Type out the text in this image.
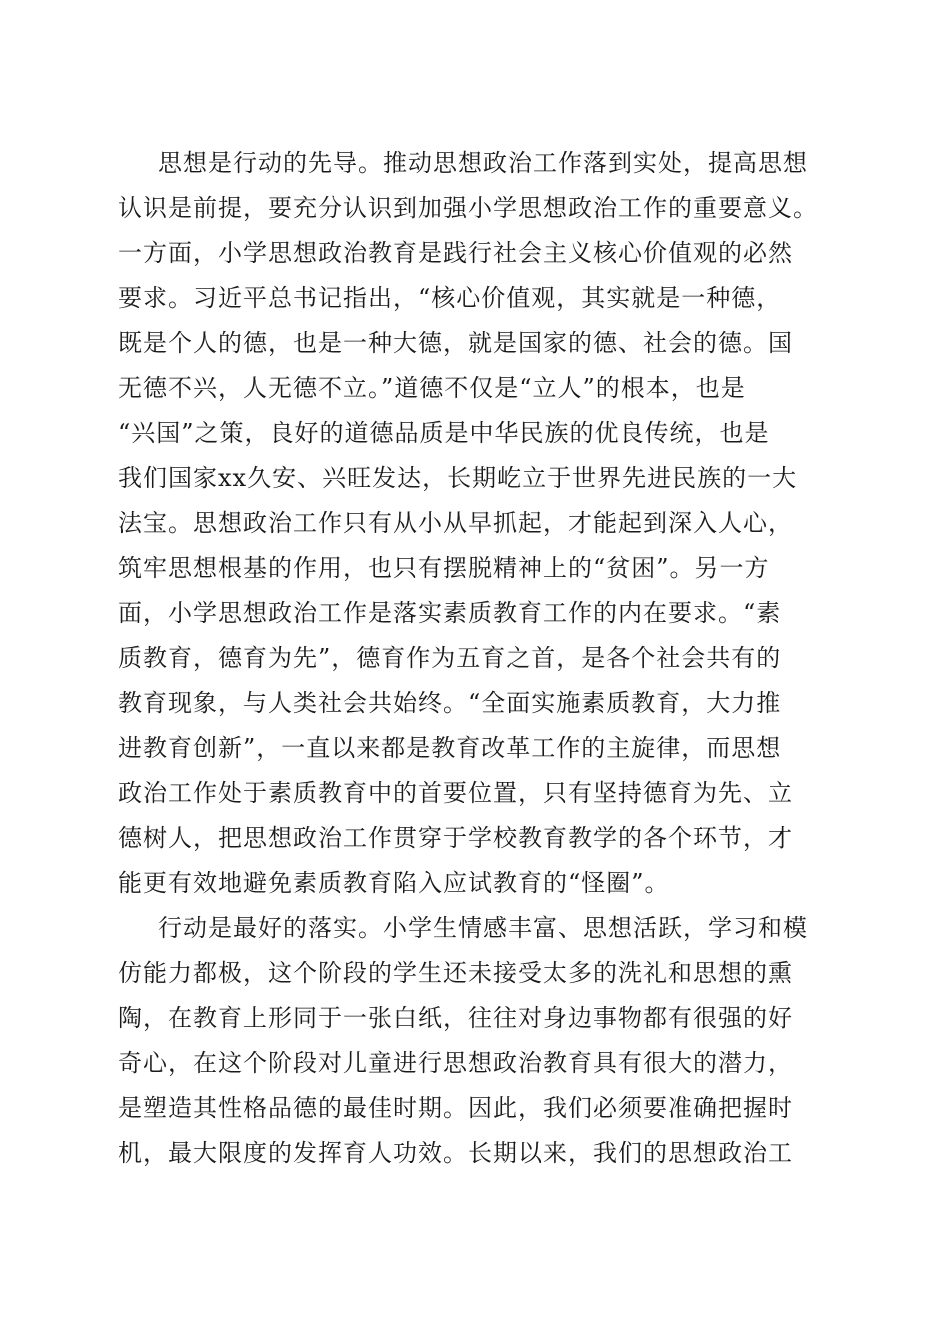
思想是行动的先导。推动思想政治工作落到实处，提高思想
认识是前提，要充分认识到加强小学思想政治工作的重要意义。
一方面，小学思想政治教育是践行社会主义核心价值观的必然
要求。习近平总书记指出，“核心价值观，其实就是一种德，
既是个人的德，也是一种大德，就是国家的德、社会的德。国
无德不兴，人无德不立。”道德不仅是“立人”的根本，也是
“兴国”之策，良好的道德品质是中华民族的优良传统，也是
我们国家xx久安、兴旺发达，长期屹立于世界先进民族的一大
法宝。思想政治工作只有从小从早抓起，才能起到深入人心，
筑牢思想根基的作用，也只有摆脱精神上的“贫困”。另一方
面，小学思想政治工作是落实素质教育工作的内在要求。“素
质教育，德育为先”，德育作为五育之首，是各个社会共有的
教育现象，与人类社会共始终。“全面实施素质教育，大力推
进教育创新”，一直以来都是教育改革工作的主旋律，而思想
政治工作处于素质教育中的首要位置，只有坚持德育为先、立
德树人，把思想政治工作贯穿于学校教育教学的各个环节，才
能更有效地避免素质教育陷入应试教育的“怪圈”。
行动是最好的落实。小学生情感丰富、思想活跃，学习和模
仿能力都极，这个阶段的学生还未接受太多的洗礼和思想的熏
陶，在教育上形同于一张白纸，往往对身边事物都有很强的好
奇心，在这个阶段对儿童进行思想政治教育具有很大的潜力，
是塑造其性格品德的最佳时期。因此，我们必须要准确把握时
机，最大限度的发挥育人功效。长期以来，我们的思想政治工
